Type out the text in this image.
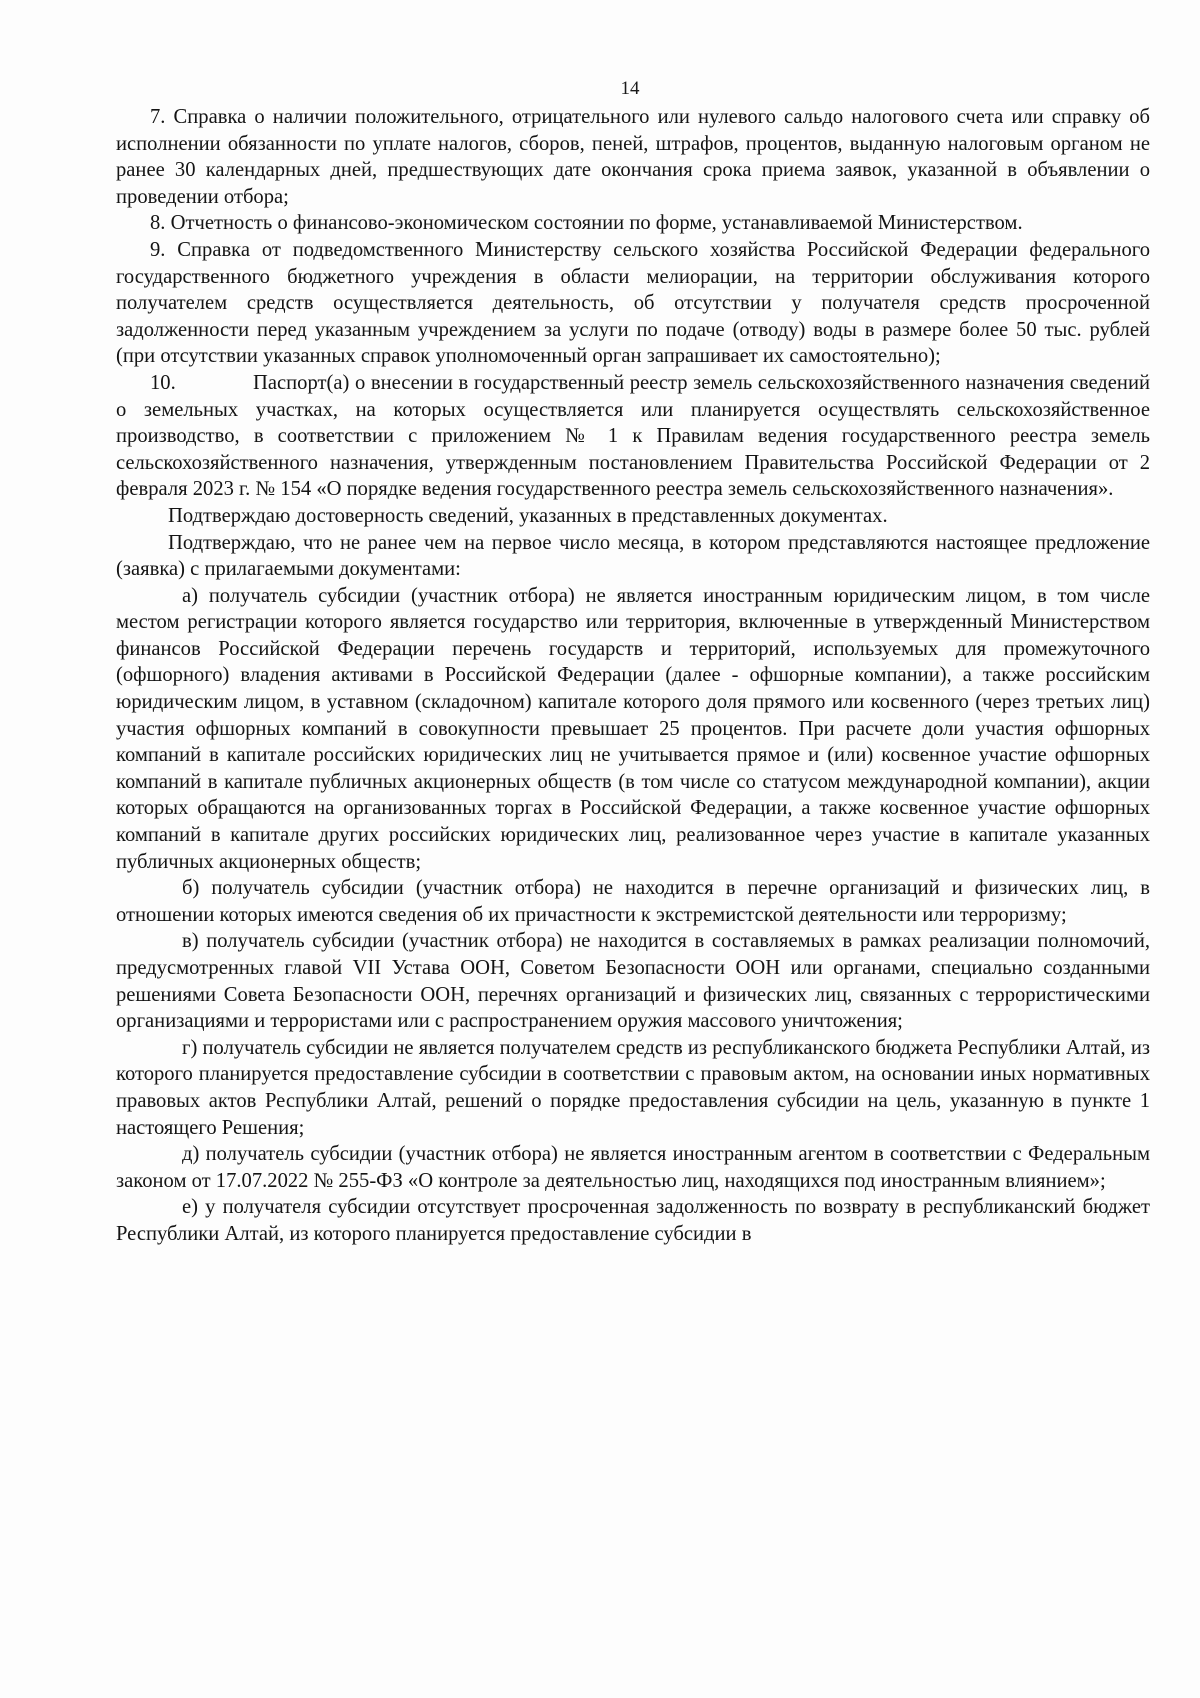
14

7. Справка о наличии положительного, отрицательного или нулевого сальдо налогового счета или справку об исполнении обязанности по уплате налогов, сборов, пеней, штрафов, процентов, выданную налоговым органом не ранее 30 календарных дней, предшествующих дате окончания срока приема заявок, указанной в объявлении о проведении отбора;

8. Отчетность о финансово-экономическом состоянии по форме, устанавливаемой Министерством.

9. Справка от подведомственного Министерству сельского хозяйства Российской Федерации федерального государственного бюджетного учреждения в области мелиорации, на территории обслуживания которого получателем средств осуществляется деятельность, об отсутствии у получателя средств просроченной задолженности перед указанным учреждением за услуги по подаче (отводу) воды в размере более 50 тыс. рублей (при отсутствии указанных справок уполномоченный орган запрашивает их самостоятельно);

10.	Паспорт(а) о внесении в государственный реестр земель сельскохозяйственного назначения сведений о земельных участках, на которых осуществляется или планируется осуществлять сельскохозяйственное производство, в соответствии с приложением № 1 к Правилам ведения государственного реестра земель сельскохозяйственного назначения, утвержденным постановлением Правительства Российской Федерации от 2 февраля 2023 г. № 154 «О порядке ведения государственного реестра земель сельскохозяйственного назначения».

Подтверждаю достоверность сведений, указанных в представленных документах.

Подтверждаю, что не ранее чем на первое число месяца, в котором представляются настоящее предложение (заявка) с прилагаемыми документами:

а) получатель субсидии (участник отбора) не является иностранным юридическим лицом, в том числе местом регистрации которого является государство или территория, включенные в утвержденный Министерством финансов Российской Федерации перечень государств и территорий, используемых для промежуточного (офшорного) владения активами в Российской Федерации (далее - офшорные компании), а также российским юридическим лицом, в уставном (складочном) капитале которого доля прямого или косвенного (через третьих лиц) участия офшорных компаний в совокупности превышает 25 процентов. При расчете доли участия офшорных компаний в капитале российских юридических лиц не учитывается прямое и (или) косвенное участие офшорных компаний в капитале публичных акционерных обществ (в том числе со статусом международной компании), акции которых обращаются на организованных торгах в Российской Федерации, а также косвенное участие офшорных компаний в капитале других российских юридических лиц, реализованное через участие в капитале указанных публичных акционерных обществ;

б) получатель субсидии (участник отбора) не находится в перечне организаций и физических лиц, в отношении которых имеются сведения об их причастности к экстремистской деятельности или терроризму;

в) получатель субсидии (участник отбора) не находится в составляемых в рамках реализации полномочий, предусмотренных главой VII Устава ООН, Советом Безопасности ООН или органами, специально созданными решениями Совета Безопасности ООН, перечнях организаций и физических лиц, связанных с террористическими организациями и террористами или с распространением оружия массового уничтожения;

г) получатель субсидии не является получателем средств из республиканского бюджета Республики Алтай, из которого планируется предоставление субсидии в соответствии с правовым актом, на основании иных нормативных правовых актов Республики Алтай, решений о порядке предоставления субсидии на цель, указанную в пункте 1 настоящего Решения;

д) получатель субсидии (участник отбора) не является иностранным агентом в соответствии с Федеральным законом от 17.07.2022 № 255-ФЗ «О контроле за деятельностью лиц, находящихся под иностранным влиянием»;

е) у получателя субсидии отсутствует просроченная задолженность по возврату в республиканский бюджет Республики Алтай, из которого планируется предоставление субсидии в
